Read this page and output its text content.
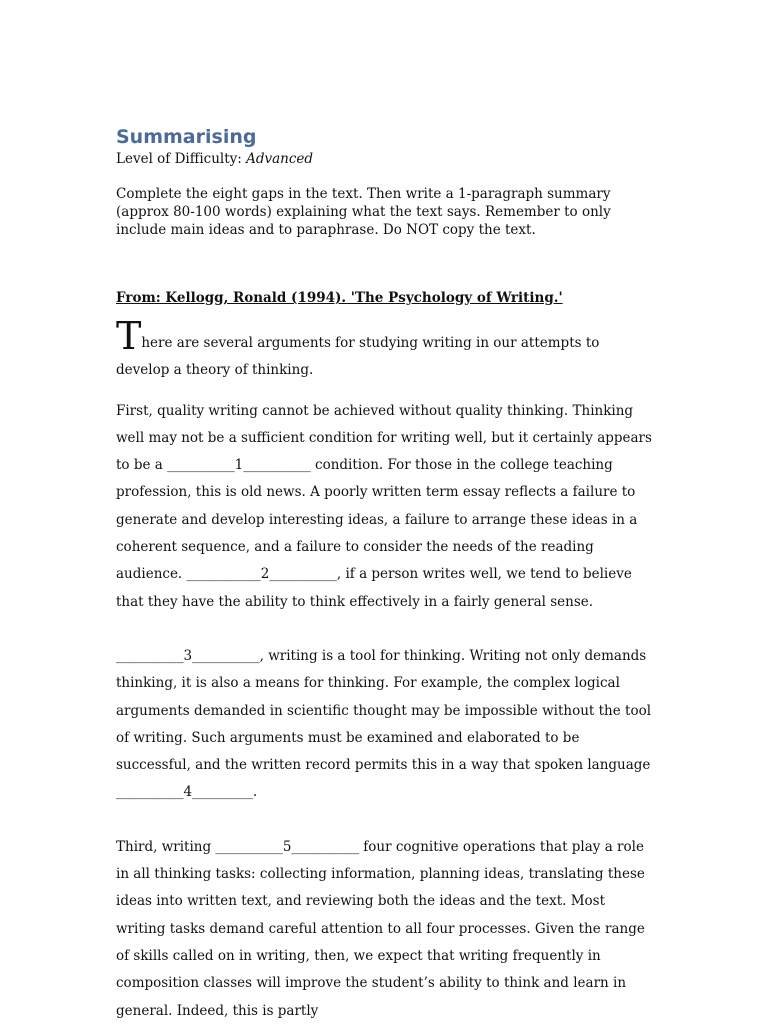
Summarising

Level of Difficulty: Advanced

Complete the eight gaps in the text. Then write a 1-paragraph summary (approx 80-100 words) explaining what the text says. Remember to only include main ideas and to paraphrase. Do NOT copy the text.

From: Kellogg, Ronald (1994). 'The Psychology of Writing.'

There are several arguments for studying writing in our attempts to develop a theory of thinking.

First, quality writing cannot be achieved without quality thinking. Thinking well may not be a sufficient condition for writing well, but it certainly appears to be a __________1__________ condition. For those in the college teaching profession, this is old news. A poorly written term essay reflects a failure to generate and develop interesting ideas, a failure to arrange these ideas in a coherent sequence, and a failure to consider the needs of the reading audience. ___________2__________, if a person writes well, we tend to believe that they have the ability to think effectively in a fairly general sense.

__________3__________, writing is a tool for thinking. Writing not only demands thinking, it is also a means for thinking. For example, the complex logical arguments demanded in scientific thought may be impossible without the tool of writing. Such arguments must be examined and elaborated to be successful, and the written record permits this in a way that spoken language __________4_________.

Third, writing __________5__________ four cognitive operations that play a role in all thinking tasks: collecting information, planning ideas, translating these ideas into written text, and reviewing both the ideas and the text. Most writing tasks demand careful attention to all four processes. Given the range of skills called on in writing, then, we expect that writing frequently in composition classes will improve the student’s ability to think and learn in general. Indeed, this is partly
